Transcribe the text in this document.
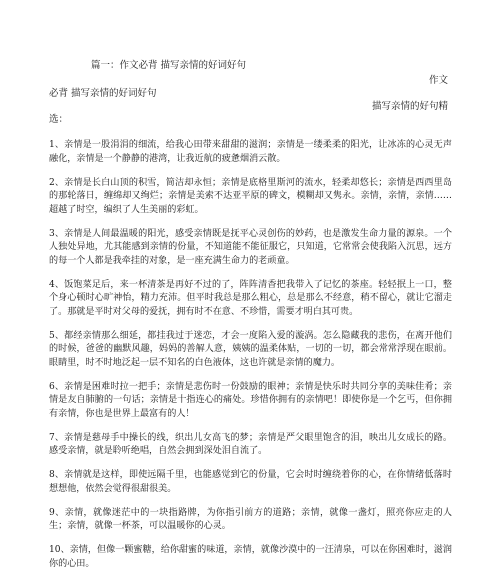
篇一：作文必背 描写亲情的好词好句
作文
必背 描写亲情的好词好句
描写亲情的好句精
选：

1、亲情是一股涓涓的细流，给我心田带来甜甜的滋润；亲情是一缕柔柔的阳光，让冰冻的心灵无声融化，亲情是一个静静的港湾，让我近航的疲惫烟消云散。

2、亲情是长白山顶的积雪，简洁却永恒；亲情是底格里斯河的流水，轻柔却悠长；亲情是西西里岛的那轮落日，缠绵却又绚烂；亲情是美索不达亚平原的碑文，模糊却又隽永。亲情，亲情，亲情……超越了时空，编织了人生美丽的彩虹。

3、亲情是人间最温暖的阳光，感受亲情既是抚平心灵创伤的妙药，也是激发生命力量的源泉。一个人独处异地，尤其能感到亲情的份量，不知道能不能征服它，只知道，它常常会使我陷入沉思，远方的每一个人都是我牵挂的对象，是一座充满生命力的老顽童。

4、饭饱菜足后，来一杯清茶是再好不过的了，阵阵清香把我带入了记忆的茶座。轻轻抿上一口，整个身心顿时心旷神怡，精力充沛。但平时我总是那么粗心，总是那么不经意，稍不留心，就让它溜走了。那就是平时对父母的爱抚，拥有时不在意、不珍惜，需要才明白其可贵。

5、都经亲情那么细延，都挂我过于迷恋，才会一度陷入爱的漩涡。怎么隐藏我的悲伤，在离开他们的时候，爸爸的幽默风趣，妈妈的善解人意，姨姨的温柔体贴，一切的一切，都会常常浮现在眼前。眼睛里，时不时地泛起一层不知名的白色液体，这也许就是亲情的魔力。

6、亲情是困难时拉一把手；亲情是悲伤时一份鼓励的眼神；亲情是快乐时共同分享的美味佳肴；亲情是友自肺腑的一句话；亲情是十指连心的痛处。珍惜你拥有的亲情吧！即使你是一个乞丐，但你拥有亲情，你也是世界上最富有的人！

7、亲情是慈母手中操长的线，织出儿女高飞的梦；亲情是严父眼里饱含的泪，映出儿女成长的路。感受亲情，就是聆听绝唱，自然会拥到深处泪自流了。

8、亲情就是这样，即使远隔千里，也能感觉到它的份量，它会时时缠绕着你的心，在你情绪低落时想想他，依然会觉得很甜很美。

9、亲情，就像迷茫中的一块指路牌，为你指引前方的道路；亲情，就像一盏灯，照亮你应走的人生；亲情，就像一杯茶，可以温暖你的心灵。

10、亲情，但像一颗蜜糖，给你甜蜜的味道，亲情，就像沙漠中的一汪清泉，可以在你困难时，滋润你的心田。
